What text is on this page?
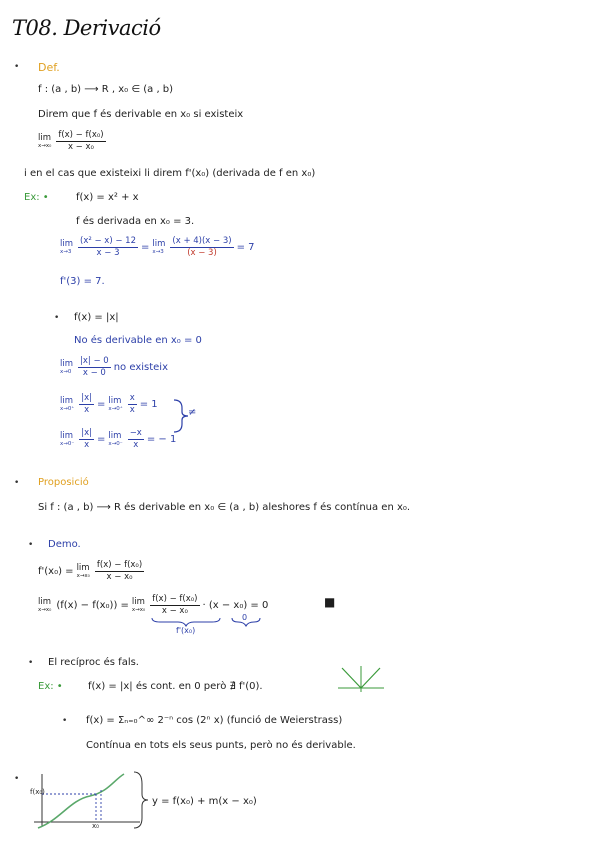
T08. Derivació
• Def.
f : (a , b) ⟶ R , x₀ ∈ (a , b)
Direm que f és derivable en x₀ si existeix
lim
$x\to x_0 \frac{\text{f(x) − f(x₀)}}{\text{x − x₀}}$
i en el cas que existeixi li direm f'(x₀) (derivada de f en x₀)
Ex: •	f(x) = x² + x
f és derivada en x₀ = 3.
lim
$x\to 3 \frac{\text{(x² − x) − 12}}{x - 3} = \lim$
$x\to 3 \frac{(x + 4)(x - 3)}{(x - 3)} = 7$
f'(3) = 7.
• f(x) = |x|
No és derivable en x₀ = 0
lim
$x\to 0 \frac{|x| - 0}{x - 0}$ no existeix
lim
$x\to 0^+ \frac{|x|}{x} = \lim$
$x\to 0^+ \frac{x}{x} = 1$
lim
$x\to 0^- \frac{|x|}{x} = \lim$
$x\to 0^- \frac{-x}{x}$ = − 1
≠
• Proposició
Si f : (a , b) ⟶ R és derivable en x₀ ∈ (a , b) aleshores f és contínua en x₀.
• Demo.
f'(x₀) = lim
$x\to x_0 \frac{\text{f(x) − f(x₀)}}{\text{x − x₀}}$
lim
x→x₀ (f(x) − f(x₀)) = lim
$x\to x_0 \frac{\text{f(x) − f(x₀)}}{\text{x − x₀}} \cdot (x - x_0) = 0$
f'(x₀)
0
■
• El recíproc és fals.
Ex: •	f(x) = |x| és cont. en 0 però ∄ f'(0).
• f(x) = Σₙ₌₀^∞ 2⁻ⁿ cos (2ⁿ x) (funció de Weierstrass)
Contínua en tots els seus punts, però no és derivable.
•
f(x₀)
x₀
y = f(x₀) + m(x − x₀)
